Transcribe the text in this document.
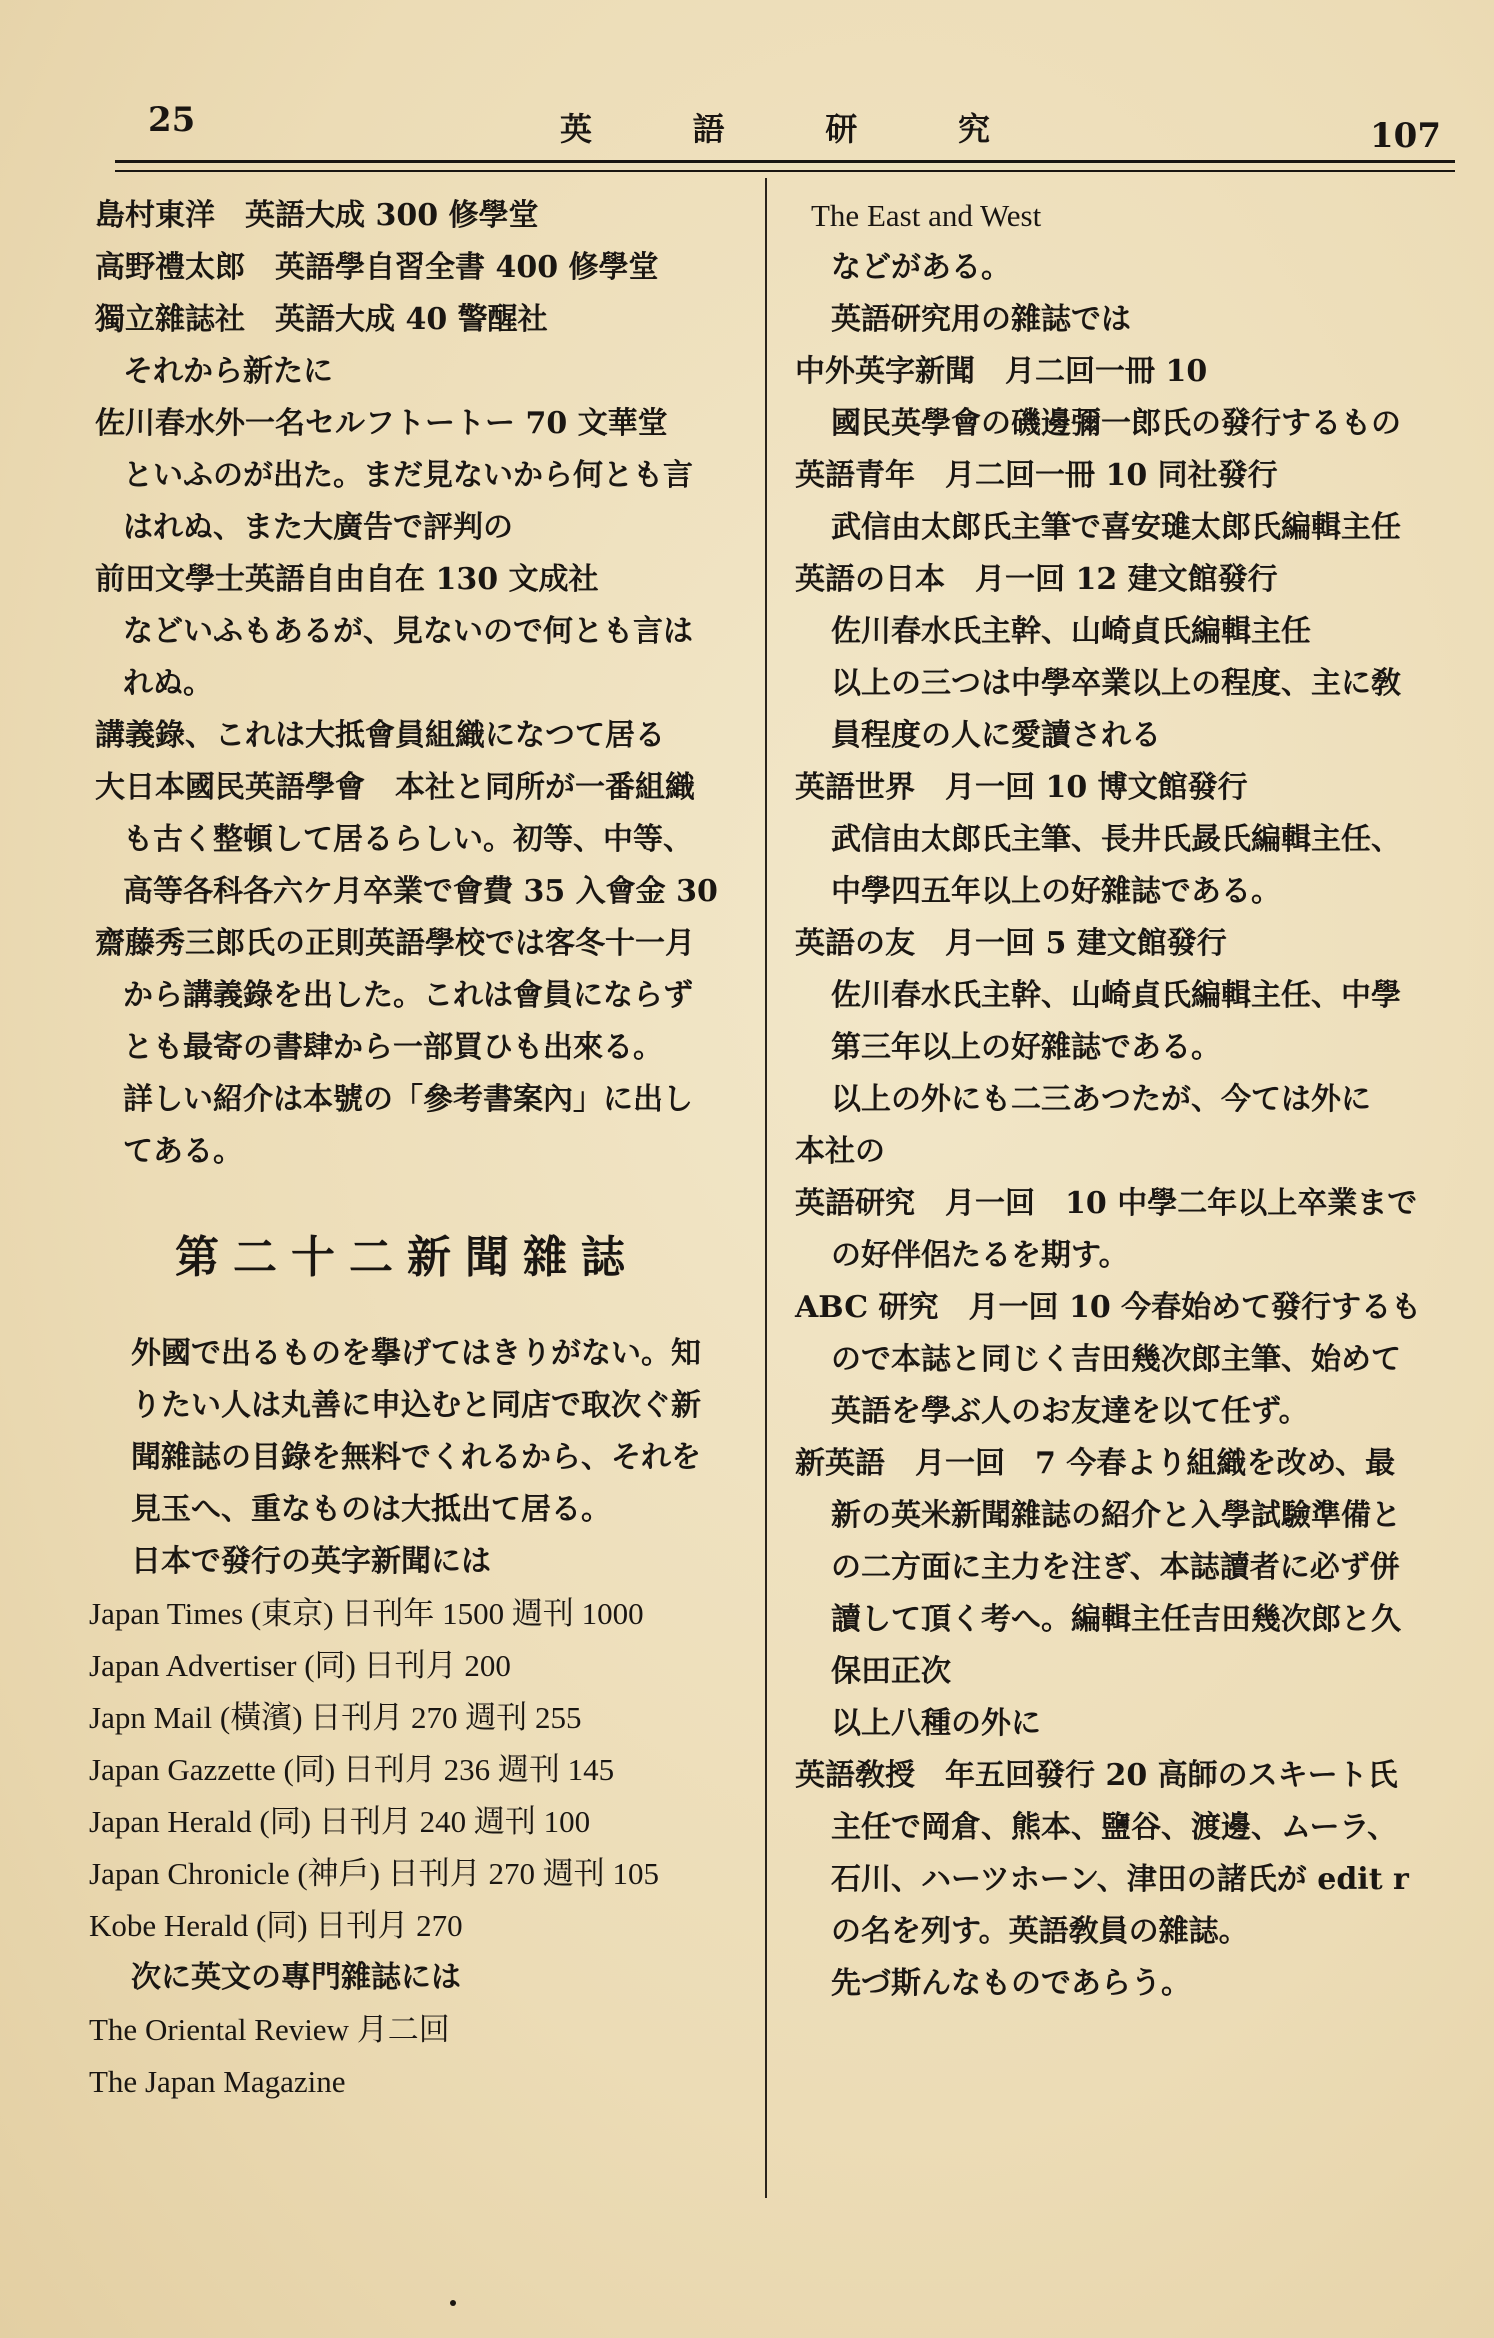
25	英	語	研	究	107
島村東洋　英語大成 300 修學堂
高野禮太郎　英語學自習全書 400 修學堂
獨立雜誌社　英語大成 40 警醒社
それから新たに
佐川春水外一名セルフトートー 70 文華堂
といふのが出た。まだ見ないから何とも言
はれぬ、また大廣告で評判の
前田文學士英語自由自在 130 文成社
などいふもあるが、見ないので何とも言は
れぬ。
講義錄、これは大抵會員組織になつて居る
大日本國民英語學會　本社と同所が一番組織
も古く整頓して居るらしい。初等、中等、
高等各科各六ケ月卒業で會費 35 入會金 30
齋藤秀三郎氏の正則英語學校では客冬十一月
から講義錄を出した。これは會員にならず
とも最寄の書肆から一部買ひも出來る。
詳しい紹介は本號の「參考書案內」に出し
てある。
第二十二新聞雜誌
外國で出るものを擧げてはきりがない。知
りたい人は丸善に申込むと同店で取次ぐ新
聞雜誌の目錄を無料でくれるから、それを
見玉へ、重なものは大抵出て居る。
日本で發行の英字新聞には
Japan Times (東京) 日刊年 1500 週刊 1000
Japan Advertiser (同) 日刊月 200
Japn Mail (橫濱) 日刊月 270 週刊 255
Japan Gazzette (同) 日刊月 236 週刊 145
Japan Herald (同) 日刊月 240 週刊 100
Japan Chronicle (神戶) 日刊月 270 週刊 105
Kobe Herald (同) 日刊月 270
次に英文の專門雜誌には
The Oriental Review 月二回
The Japan Magazine
The East and West
などがある。
英語研究用の雜誌では
中外英字新聞　月二回一冊 10
國民英學會の磯邊彌一郎氏の發行するもの
英語青年　月二回一冊 10 同社發行
武信由太郎氏主筆で喜安璡太郎氏編輯主任
英語の日本　月一回 12 建文館發行
佐川春水氏主幹、山崎貞氏編輯主任
以上の三つは中學卒業以上の程度、主に敎
員程度の人に愛讀される
英語世界　月一回 10 博文館發行
武信由太郎氏主筆、長井氏晸氏編輯主任、
中學四五年以上の好雜誌である。
英語の友　月一回 5 建文館發行
佐川春水氏主幹、山崎貞氏編輯主任、中學
第三年以上の好雜誌である。
以上の外にも二三あつたが、今ては外に
本社の
英語研究　月一回　10 中學二年以上卒業まで
の好伴侶たるを期す。
ABC 研究　月一回 10 今春始めて發行するも
ので本誌と同じく吉田幾次郎主筆、始めて
英語を學ぶ人のお友達を以て任ず。
新英語　月一回　7 今春より組織を改め、最
新の英米新聞雜誌の紹介と入學試驗準備と
の二方面に主力を注ぎ、本誌讀者に必ず併
讀して頂く考へ。編輯主任吉田幾次郎と久
保田正次
以上八種の外に
英語敎授　年五回發行 20 高師のスキート氏
主任で岡倉、熊本、鹽谷、渡邊、ムーラ、
石川、ハーツホーン、津田の諸氏が edit r
の名を列す。英語敎員の雜誌。
先づ斯んなものであらう。
